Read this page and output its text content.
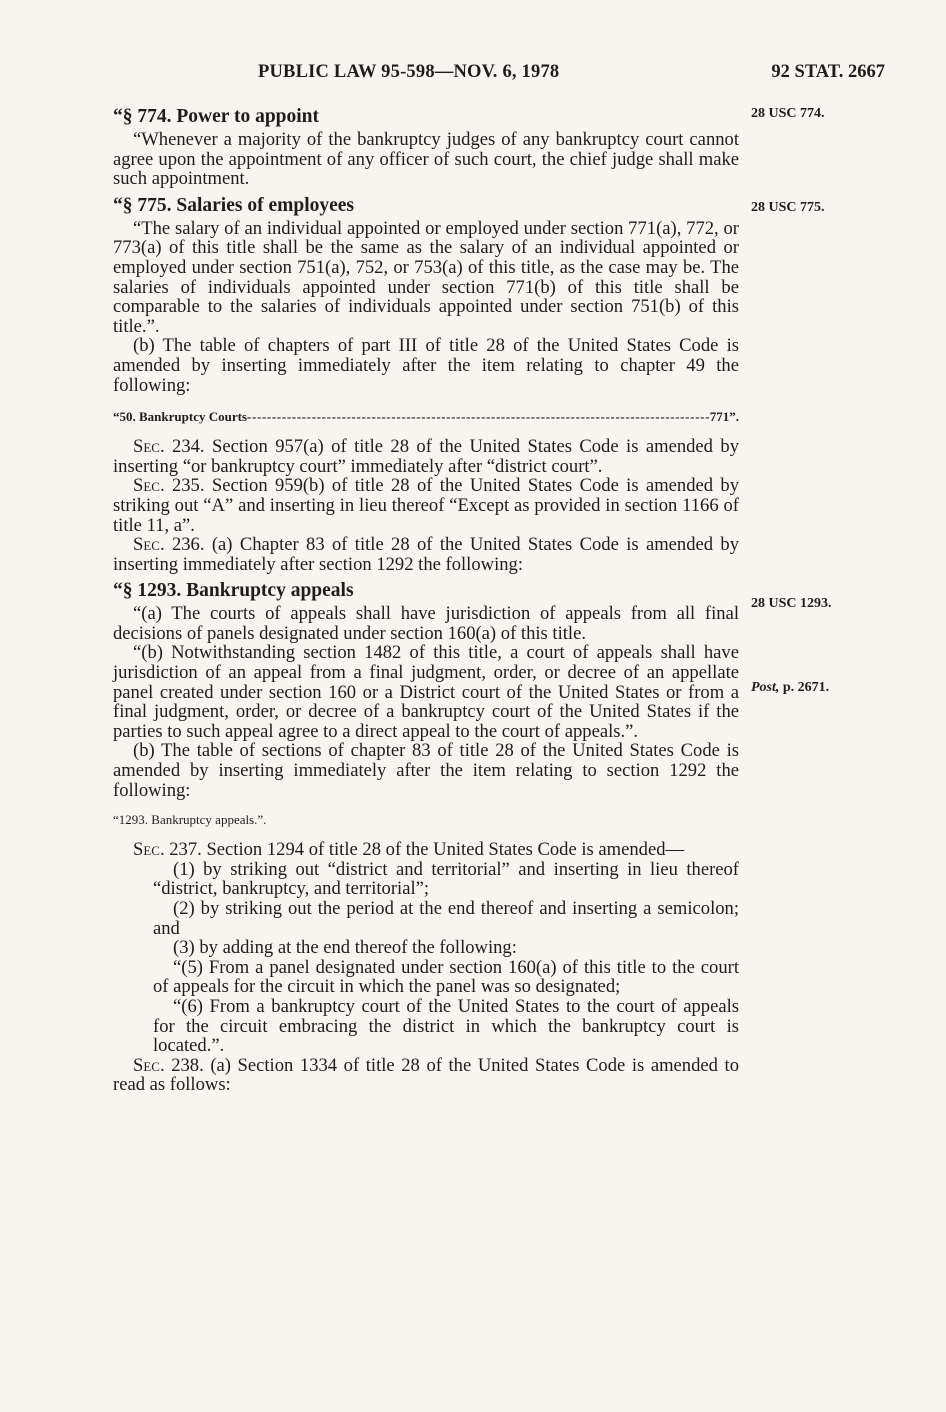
PUBLIC LAW 95-598—NOV. 6, 1978	92 STAT. 2667
28 USC 774.
28 USC 775.
28 USC 1293.
Post, p. 2671.

“§ 774. Power to appoint

“Whenever a majority of the bankruptcy judges of any bankruptcy court cannot agree upon the appointment of any officer of such court, the chief judge shall make such appointment.

“§ 775. Salaries of employees

“The salary of an individual appointed or employed under section 771(a), 772, or 773(a) of this title shall be the same as the salary of an individual appointed or employed under section 751(a), 752, or 753(a) of this title, as the case may be. The salaries of individuals appointed under section 771(b) of this title shall be comparable to the salaries of individuals appointed under section 751(b) of this title.”.

(b) The table of chapters of part III of title 28 of the United States Code is amended by inserting immediately after the item relating to chapter 49 the following:

“50. Bankruptcy Courts - - -	771”.

Sec. 234. Section 957(a) of title 28 of the United States Code is amended by inserting “or bankruptcy court” immediately after “district court”.

Sec. 235. Section 959(b) of title 28 of the United States Code is amended by striking out “A” and inserting in lieu thereof “Except as provided in section 1166 of title 11, a”.

Sec. 236. (a) Chapter 83 of title 28 of the United States Code is amended by inserting immediately after section 1292 the following:

“§ 1293. Bankruptcy appeals

“(a) The courts of appeals shall have jurisdiction of appeals from all final decisions of panels designated under section 160(a) of this title.

“(b) Notwithstanding section 1482 of this title, a court of appeals shall have jurisdiction of an appeal from a final judgment, order, or decree of an appellate panel created under section 160 or a District court of the United States or from a final judgment, order, or decree of a bankruptcy court of the United States if the parties to such appeal agree to a direct appeal to the court of appeals.”.

(b) The table of sections of chapter 83 of title 28 of the United States Code is amended by inserting immediately after the item relating to section 1292 the following:

“1293. Bankruptcy appeals.”.

Sec. 237. Section 1294 of title 28 of the United States Code is amended—

(1) by striking out “district and territorial” and inserting in lieu thereof “district, bankruptcy, and territorial”;

(2) by striking out the period at the end thereof and inserting a semicolon; and

(3) by adding at the end thereof the following:

“(5) From a panel designated under section 160(a) of this title to the court of appeals for the circuit in which the panel was so designated;

“(6) From a bankruptcy court of the United States to the court of appeals for the circuit embracing the district in which the bankruptcy court is located.”.

Sec. 238. (a) Section 1334 of title 28 of the United States Code is amended to read as follows:
